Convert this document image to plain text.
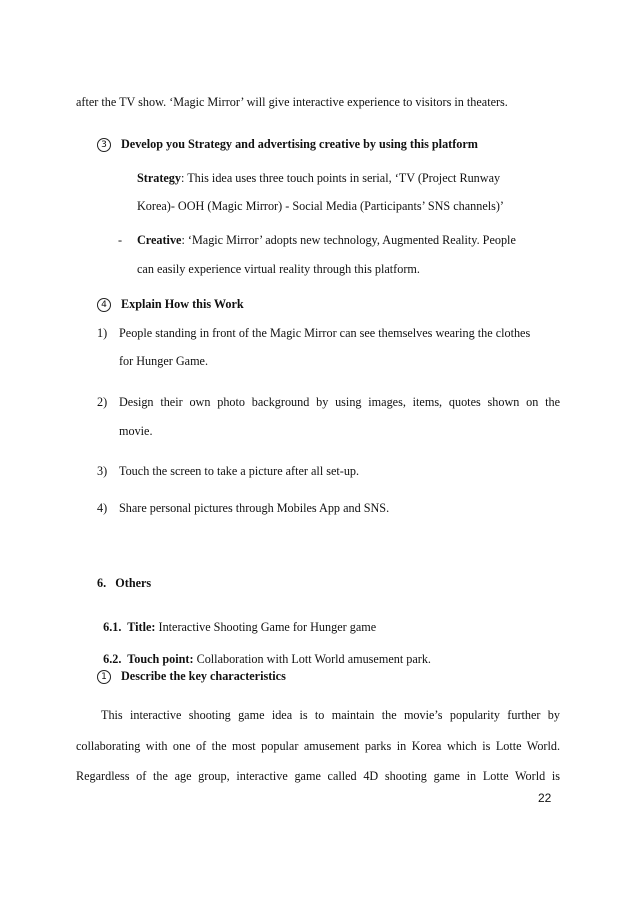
after the TV show. ‘Magic Mirror’ will give interactive experience to visitors in theaters.
3 Develop you Strategy and advertising creative by using this platform
Strategy: This idea uses three touch points in serial, ‘TV (Project Runway
Korea)- OOH (Magic Mirror) - Social Media (Participants’ SNS channels)’
- Creative: ‘Magic Mirror’ adopts new technology, Augmented Reality. People
can easily experience virtual reality through this platform.
4 Explain How this Work
1) People standing in front of the Magic Mirror can see themselves wearing the clothes
for Hunger Game.
2) Design their own photo background by using images, items, quotes shown on the
movie.
3) Touch the screen to take a picture after all set-up.
4) Share personal pictures through Mobiles App and SNS.
6.   Others

6.1.  Title: Interactive Shooting Game for Hunger game

6.2.  Touch point: Collaboration with Lott World amusement park.

1 Describe the key characteristics
This interactive shooting game idea is to maintain the movie’s popularity further by
collaborating with one of the most popular amusement parks in Korea which is Lotte World.
Regardless of the age group, interactive game called 4D shooting game in Lotte World is
22
